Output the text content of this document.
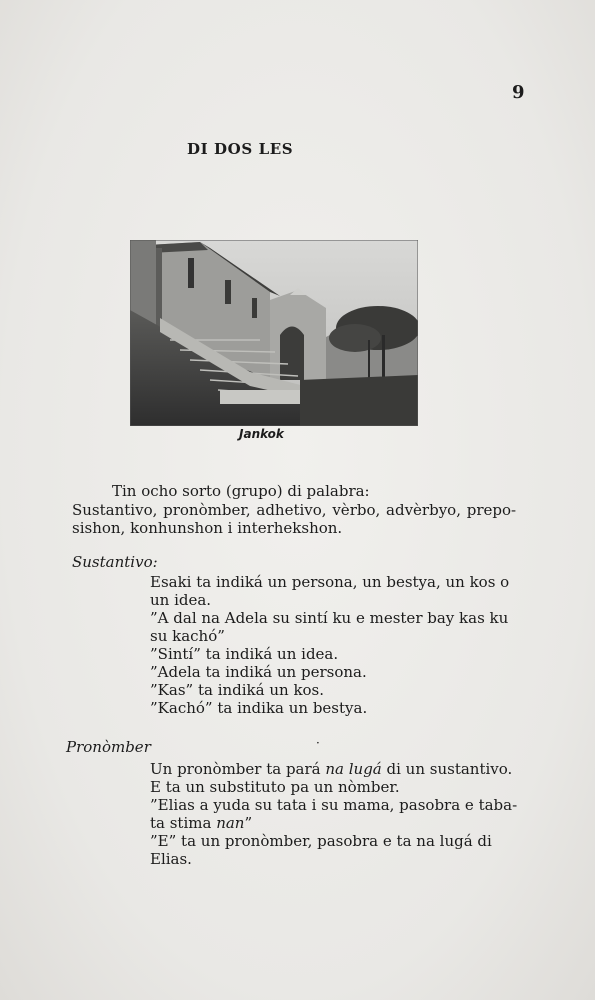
9
DI DOS LES
Jankok
Tin ocho sorto (grupo) di palabra:
Sustantivo, pronòmber, adhetivo, vèrbo, advèrbyo, prepo-
sishon, konhunshon i interhekshon.
Sustantivo:
Esaki ta indiká un persona, un bestya, un kos o
un idea.
”A dal na Adela su sintí ku e mester bay kas ku
su kachó”
”Sintí” ta indiká un idea.
”Adela ta indiká un persona.
”Kas” ta indiká un kos.
”Kachó” ta indika un bestya.
Pronòmber	·
Un pronòmber ta pará na lugá di un sustantivo.
E ta un substituto pa un nòmber.
”Elias a yuda su tata i su mama, pasobra e taba-
ta stima nan”
”E” ta un pronòmber, pasobra e ta na lugá di
Elias.
